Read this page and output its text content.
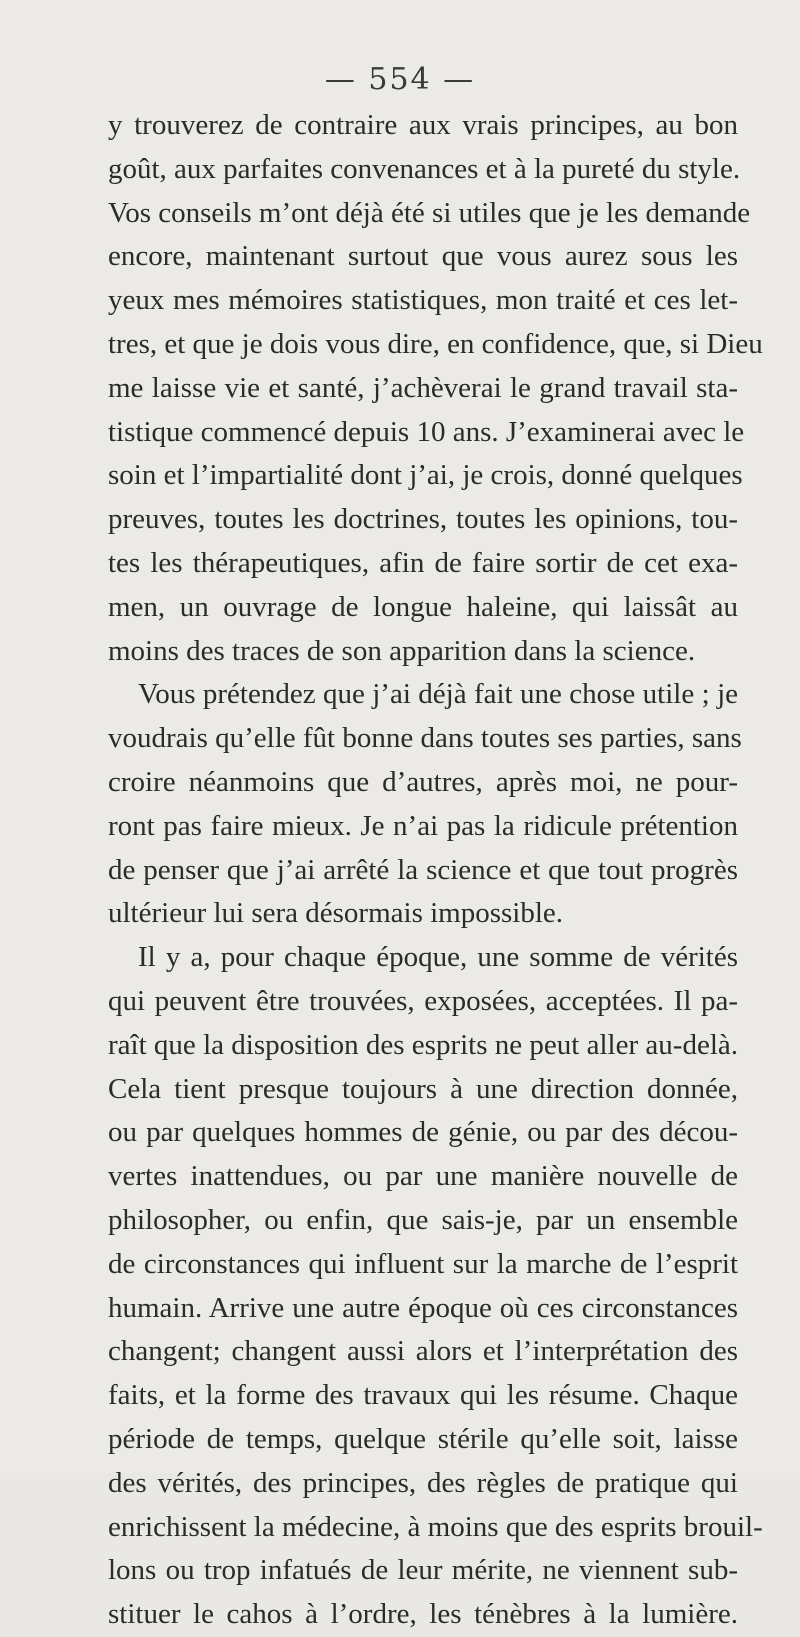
— 554 —
y trouverez de contraire aux vrais principes, au bon
goût, aux parfaites convenances et à la pureté du style.
Vos conseils m’ont déjà été si utiles que je les demande
encore, maintenant surtout que vous aurez sous les
yeux mes mémoires statistiques, mon traité et ces let-
tres, et que je dois vous dire, en confidence, que, si Dieu
me laisse vie et santé, j’achèverai le grand travail sta-
tistique commencé depuis 10 ans. J’examinerai avec le
soin et l’impartialité dont j’ai, je crois, donné quelques
preuves, toutes les doctrines, toutes les opinions, tou-
tes les thérapeutiques, afin de faire sortir de cet exa-
men, un ouvrage de longue haleine, qui laissât au
moins des traces de son apparition dans la science.
Vous prétendez que j’ai déjà fait une chose utile ; je
voudrais qu’elle fût bonne dans toutes ses parties, sans
croire néanmoins que d’autres, après moi, ne pour-
ront pas faire mieux. Je n’ai pas la ridicule prétention
de penser que j’ai arrêté la science et que tout progrès
ultérieur lui sera désormais impossible.
Il y a, pour chaque époque, une somme de vérités
qui peuvent être trouvées, exposées, acceptées. Il pa-
raît que la disposition des esprits ne peut aller au-delà.
Cela tient presque toujours à une direction donnée,
ou par quelques hommes de génie, ou par des décou-
vertes inattendues, ou par une manière nouvelle de
philosopher, ou enfin, que sais-je, par un ensemble
de circonstances qui influent sur la marche de l’esprit
humain. Arrive une autre époque où ces circonstances
changent; changent aussi alors et l’interprétation des
faits, et la forme des travaux qui les résume. Chaque
période de temps, quelque stérile qu’elle soit, laisse
des vérités, des principes, des règles de pratique qui
enrichissent la médecine, à moins que des esprits brouil-
lons ou trop infatués de leur mérite, ne viennent sub-
stituer le cahos à l’ordre, les ténèbres à la lumière.
